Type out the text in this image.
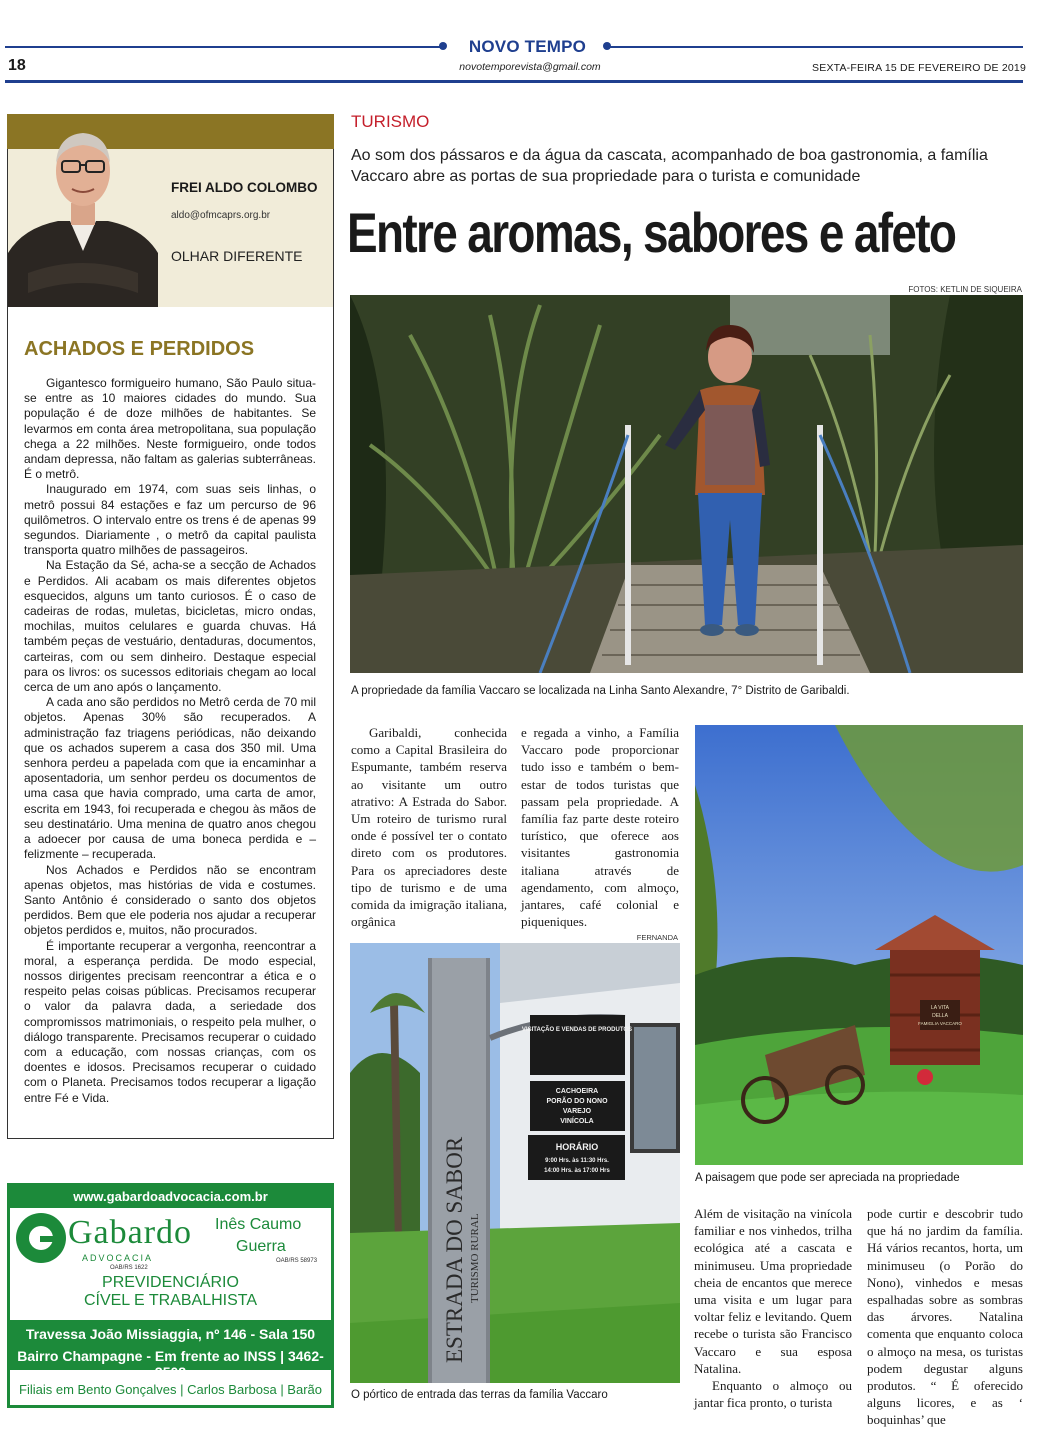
NOVO TEMPO
novotemporevista@gmail.com
18	SEXTA-FEIRA 15 DE FEVEREIRO DE 2019
FREI ALDO COLOMBO
aldo@ofmcaprs.org.br
OLHAR DIFERENTE
ACHADOS E PERDIDOS

Gigantesco formigueiro humano, São Paulo situa-se entre as 10 maiores cidades do mundo. Sua população é de doze milhões de habitantes. Se levarmos em conta área metropolitana, sua população chega a 22 milhões. Neste formigueiro, onde todos andam depressa, não faltam as galerias subterrâneas. É o metrô.

Inaugurado em 1974, com suas seis linhas, o metrô possui 84 estações e faz um percurso de 96 quilômetros. O intervalo entre os trens é de apenas 99 segundos. Diariamente , o metrô da capital paulista transporta quatro milhões de passageiros.

Na Estação da Sé, acha-se a secção de Achados e Perdidos. Ali acabam os mais diferentes objetos esquecidos, alguns um tanto curiosos. É o caso de cadeiras de rodas, muletas, bicicletas, micro ondas, mochilas, muitos celulares e guarda chuvas. Há também peças de vestuário, dentaduras, documentos, carteiras, com ou sem dinheiro. Destaque especial para os livros: os sucessos editoriais chegam ao local cerca de um ano após o lançamento.

A cada ano são perdidos no Metrô cerda de 70 mil objetos. Apenas 30% são recuperados. A administração faz triagens periódicas, não deixando que os achados superem a casa dos 350 mil. Uma senhora perdeu a papelada com que ia encaminhar a aposentadoria, um senhor perdeu os documentos de uma casa que havia comprado, uma carta de amor, escrita em 1943, foi recuperada e chegou às mãos de seu destinatário. Uma menina de quatro anos chegou a adoecer por causa de uma boneca perdida e – felizmente – recuperada.

Nos Achados e Perdidos não se encontram apenas objetos, mas histórias de vida e costumes. Santo Antônio é considerado o santo dos objetos perdidos. Bem que ele poderia nos ajudar a recuperar objetos perdidos e, muitos, não procurados.

É importante recuperar a vergonha, reencontrar a moral, a esperança perdida. De modo especial, nossos dirigentes precisam reencontrar a ética e o respeito pelas coisas públicas. Precisamos recuperar o valor da palavra dada, a seriedade dos compromissos matrimoniais, o respeito pela mulher, o diálogo transparente. Precisamos recuperar o cuidado com a educação, com nossas crianças, com os doentes e idosos. Precisamos recuperar o cuidado com o Planeta. Precisamos todos recuperar a ligação entre Fé e Vida.

www.gabardoadvocacia.com.br
Gabardo
ADVOCACIA
OAB/RS 1622
Inês Caumo
Guerra
OAB/RS 58973
PREVIDENCIÁRIO
CÍVEL E TRABALHISTA
Travessa João Missiaggia, nº 146 - Sala 150
Bairro Champagne - Em frente ao INSS | 3462-3508
Filiais em Bento Gonçalves | Carlos Barbosa | Barão
TURISMO
Ao som dos pássaros e da água da cascata, acompanhado de boa gastronomia, a família Vaccaro abre as portas de sua propriedade para o turista e comunidade
Entre aromas, sabores e afeto
FOTOS: KETLIN DE SIQUEIRA
A propriedade da família Vaccaro se localizada na Linha Santo Alexandre, 7° Distrito de Garibaldi.

Garibaldi, conhecida como a Capital Brasileira do Espumante, também reserva ao visitante um outro atrativo: A Estrada do Sabor. Um roteiro de turismo rural onde é possível ter o contato direto com os produtores. Para os apreciadores deste tipo de turismo e de uma comida da imigração italiana, orgânica

e regada a vinho, a Família Vaccaro pode proporcionar tudo isso e também o bem-estar de todos turistas que passam pela propriedade. A família faz parte deste roteiro turístico, que oferece aos visitantes gastronomia italiana através de agendamento, com almoço, jantares, café colonial e piqueniques.

LA VITA
DELLA
FAMIGLIA VACCARO
A paisagem que pode ser apreciada na propriedade
FERNANDA
ESTRADA DO SABOR TURISMO RURAL
VISITAÇÃO E VENDAS DE PRODUTOS
CACHOEIRA
PORÃO DO NONO
VAREJO
VINÍCOLA
HORÁRIO
9:00 Hrs. às 11:30 Hrs.
14:00 Hrs. às 17:00 Hrs
O pórtico de entrada das terras da família Vaccaro

Além de visitação na vinícola familiar e nos vinhedos, trilha ecológica até a cascata e minimuseu. Uma propriedade cheia de encantos que merece uma visita e um lugar para voltar feliz e levitando. Quem recebe o turista são Francisco Vaccaro e sua esposa Natalina.

Enquanto o almoço ou jantar fica pronto, o turista

pode curtir e descobrir tudo que há no jardim da família. Há vários recantos, horta, um minimuseu (o Porão do Nono), vinhedos e mesas espalhadas sobre as sombras das árvores. Natalina comenta que enquanto coloca o almoço na mesa, os turistas podem degustar alguns produtos. “ É oferecido alguns licores, e as ‘ boquinhas’ que
